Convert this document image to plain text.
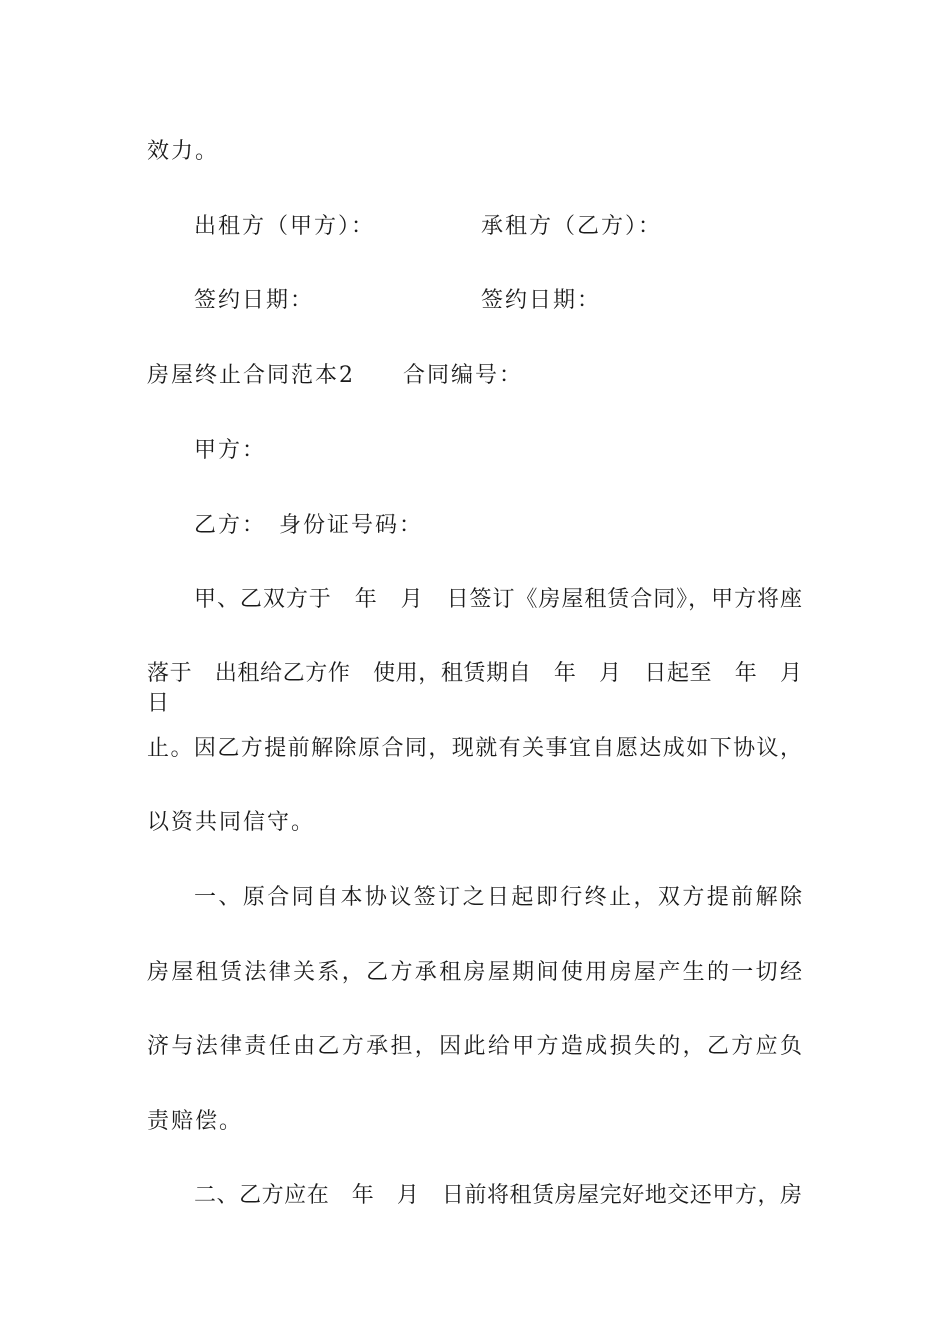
效力。
出租方（甲方）：	承租方（乙方）：
签约日期：	签约日期：
房屋终止合同范本2　　合同编号：
甲方：
乙方：　身份证号码：
甲、乙双方于　年　月　日签订《房屋租赁合同》，甲方将座
落于　出租给乙方作　使用，租赁期自　年　月　日起至　年　月　日
止。因乙方提前解除原合同，现就有关事宜自愿达成如下协议，
以资共同信守。
一、原合同自本协议签订之日起即行终止，双方提前解除
房屋租赁法律关系，乙方承租房屋期间使用房屋产生的一切经
济与法律责任由乙方承担，因此给甲方造成损失的，乙方应负
责赔偿。
二、乙方应在　年　月　日前将租赁房屋完好地交还甲方，房
